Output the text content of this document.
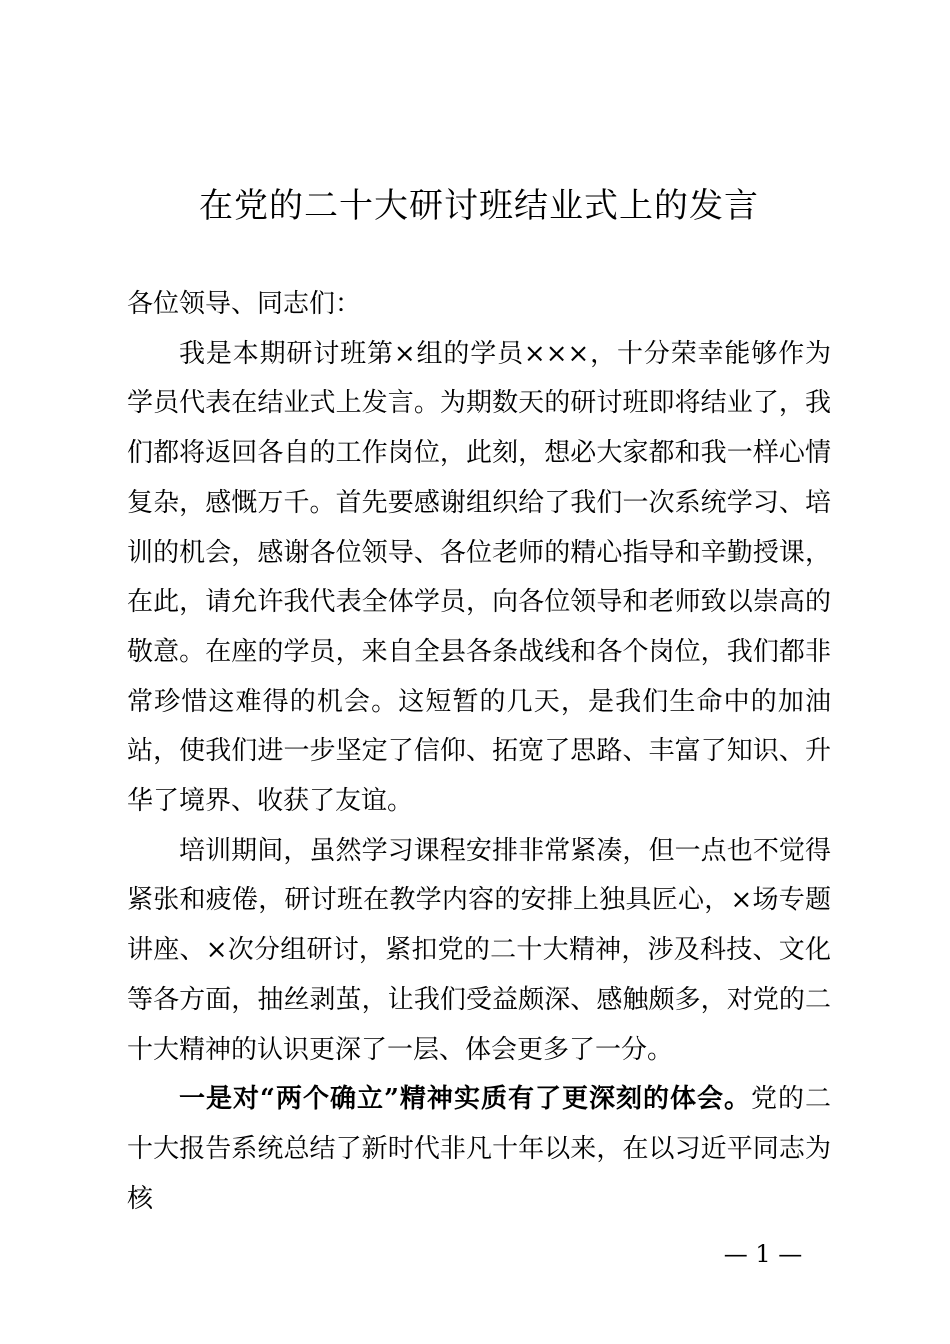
在党的二十大研讨班结业式上的发言

各位领导、同志们：

我是本期研讨班第×组的学员×××，十分荣幸能够作为学员代表在结业式上发言。为期数天的研讨班即将结业了，我们都将返回各自的工作岗位，此刻，想必大家都和我一样心情复杂，感慨万千。首先要感谢组织给了我们一次系统学习、培训的机会，感谢各位领导、各位老师的精心指导和辛勤授课，在此，请允许我代表全体学员，向各位领导和老师致以崇高的敬意。在座的学员，来自全县各条战线和各个岗位，我们都非常珍惜这难得的机会。这短暂的几天，是我们生命中的加油站，使我们进一步坚定了信仰、拓宽了思路、丰富了知识、升华了境界、收获了友谊。

培训期间，虽然学习课程安排非常紧凑，但一点也不觉得紧张和疲倦，研讨班在教学内容的安排上独具匠心，×场专题讲座、×次分组研讨，紧扣党的二十大精神，涉及科技、文化等各方面，抽丝剥茧，让我们受益颇深、感触颇多，对党的二十大精神的认识更深了一层、体会更多了一分。

一是对“两个确立”精神实质有了更深刻的体会。党的二十大报告系统总结了新时代非凡十年以来，在以习近平同志为核

— 1 —
